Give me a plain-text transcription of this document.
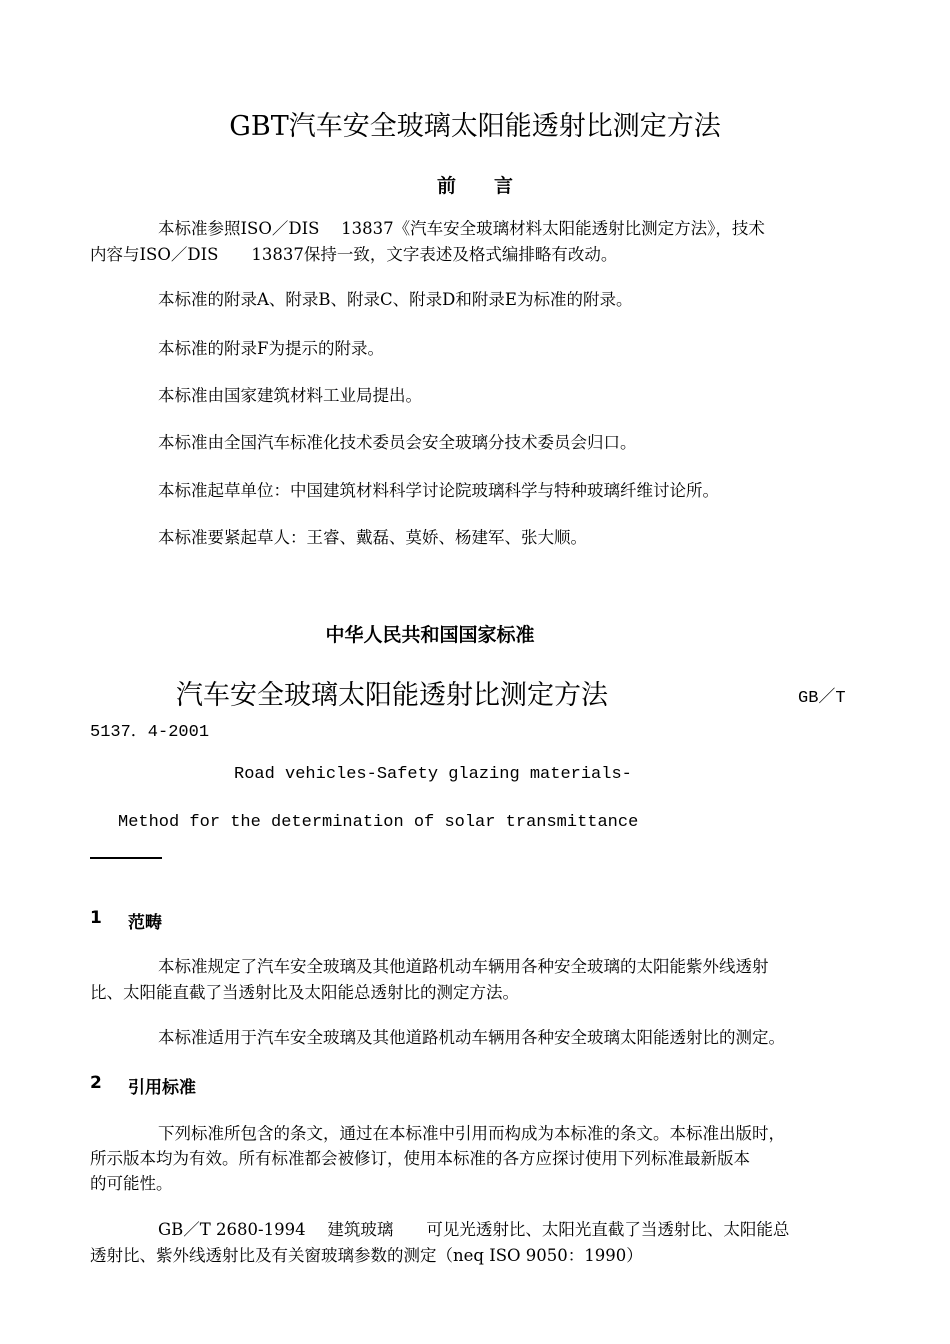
GBT汽车安全玻璃太阳能透射比测定方法
前　　言
本标准参照ISO／DIS　 13837《汽车安全玻璃材料太阳能透射比测定方法》，技术
内容与ISO／DIS　　13837保持一致，文字表述及格式编排略有改动。
本标准的附录A、附录B、附录C、附录D和附录E为标准的附录。
本标准的附录F为提示的附录。
本标准由国家建筑材料工业局提出。
本标准由全国汽车标准化技术委员会安全玻璃分技术委员会归口。
本标准起草单位：中国建筑材料科学讨论院玻璃科学与特种玻璃纤维讨论所。
本标准要紧起草人：王睿、戴磊、莫娇、杨建军、张大顺。
中华人民共和国国家标准
汽车安全玻璃太阳能透射比测定方法	GB／T
5137．4-2001
Road vehicles-Safety glazing materials-
Method for the determination of solar transmittance
1 范畴
本标准规定了汽车安全玻璃及其他道路机动车辆用各种安全玻璃的太阳能紫外线透射
比、太阳能直截了当透射比及太阳能总透射比的测定方法。
本标准适用于汽车安全玻璃及其他道路机动车辆用各种安全玻璃太阳能透射比的测定。
2 引用标准
下列标准所包含的条文，通过在本标准中引用而构成为本标准的条文。本标准出版时，
所示版本均为有效。所有标准都会被修订，使用本标准的各方应探讨使用下列标准最新版本
的可能性。
GB／T 2680-1994　 建筑玻璃　　可见光透射比、太阳光直截了当透射比、太阳能总
透射比、紫外线透射比及有关窗玻璃参数的测定（neq ISO 9050：1990）
